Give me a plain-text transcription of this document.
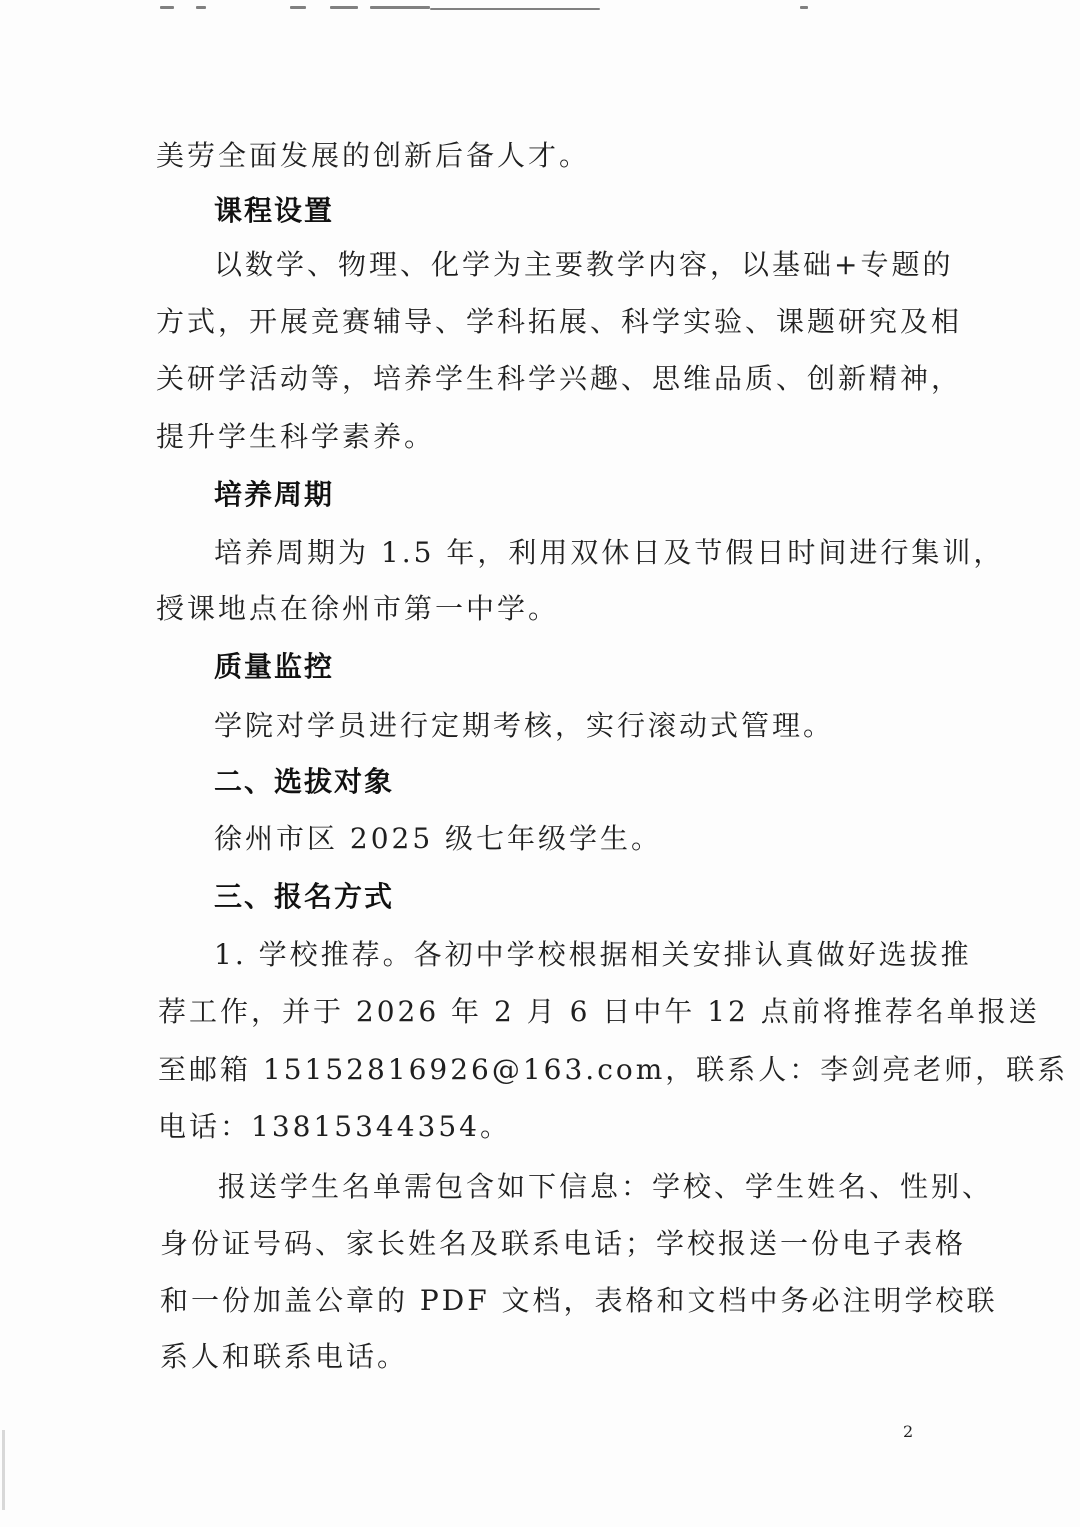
美劳全面发展的创新后备人才。

课程设置

以数学、物理、化学为主要教学内容，以基础+专题的

方式，开展竞赛辅导、学科拓展、科学实验、课题研究及相

关研学活动等，培养学生科学兴趣、思维品质、创新精神，

提升学生科学素养。

培养周期

培养周期为 1.5 年，利用双休日及节假日时间进行集训，

授课地点在徐州市第一中学。

质量监控

学院对学员进行定期考核，实行滚动式管理。

二、选拔对象

徐州市区 2025 级七年级学生。

三、报名方式

1. 学校推荐。各初中学校根据相关安排认真做好选拔推

荐工作，并于 2026 年 2 月 6 日中午 12 点前将推荐名单报送

至邮箱 15152816926@163.com，联系人：李剑亮老师，联系

电话：13815344354。

报送学生名单需包含如下信息：学校、学生姓名、性别、

身份证号码、家长姓名及联系电话；学校报送一份电子表格

和一份加盖公章的 PDF 文档，表格和文档中务必注明学校联

系人和联系电话。

2
